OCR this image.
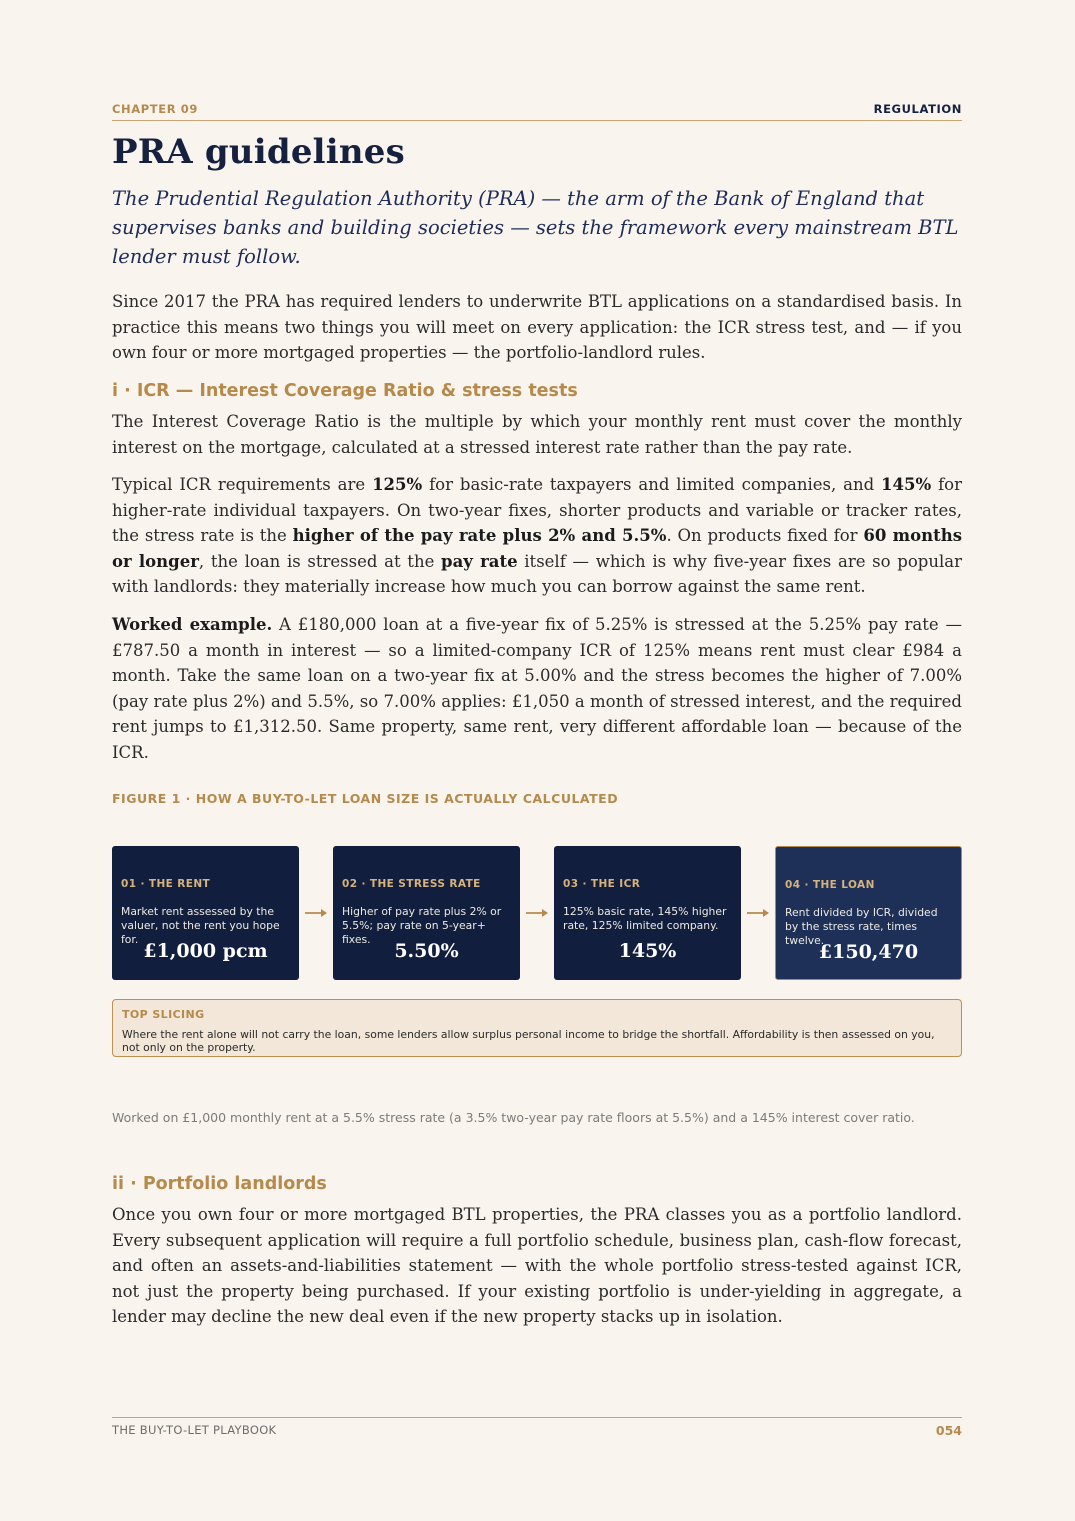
CHAPTER 09	REGULATION
PRA guidelines

The Prudential Regulation Authority (PRA) — the arm of the Bank of England that supervises banks and building societies — sets the framework every mainstream BTL lender must follow.

Since 2017 the PRA has required lenders to underwrite BTL applications on a standardised basis. In practice this means two things you will meet on every application: the ICR stress test, and — if you own four or more mortgaged properties — the portfolio-landlord rules.

i · ICR — Interest Coverage Ratio & stress tests

The Interest Coverage Ratio is the multiple by which your monthly rent must cover the monthly interest on the mortgage, calculated at a stressed interest rate rather than the pay rate.

Typical ICR requirements are 125% for basic-rate taxpayers and limited companies, and 145% for higher-rate individual taxpayers. On two-year fixes, shorter products and variable or tracker rates, the stress rate is the higher of the pay rate plus 2% and 5.5%. On products fixed for 60 months or longer, the loan is stressed at the pay rate itself — which is why five-year fixes are so popular with landlords: they materially increase how much you can borrow against the same rent.

Worked example. A £180,000 loan at a five-year fix of 5.25% is stressed at the 5.25% pay rate — £787.50 a month in interest — so a limited-company ICR of 125% means rent must clear £984 a month. Take the same loan on a two-year fix at 5.00% and the stress becomes the higher of 7.00% (pay rate plus 2%) and 5.5%, so 7.00% applies: £1,050 a month of stressed interest, and the required rent jumps to £1,312.50. Same property, same rent, very different affordable loan — because of the ICR.

FIGURE 1 · HOW A BUY-TO-LET LOAN SIZE IS ACTUALLY CALCULATED

01 · THE RENT
Market rent assessed by the valuer, not the rent you hope for.
£1,000 pcm
02 · THE STRESS RATE
Higher of pay rate plus 2% or 5.5%; pay rate on 5-year+ fixes.
5.50%
03 · THE ICR
125% basic rate, 145% higher rate, 125% limited company.
145%
04 · THE LOAN
Rent divided by ICR, divided by the stress rate, times twelve.
£150,470

TOP SLICING

Where the rent alone will not carry the loan, some lenders allow surplus personal income to bridge the shortfall. Affordability is then assessed on you, not only on the property.

Worked on £1,000 monthly rent at a 5.5% stress rate (a 3.5% two-year pay rate floors at 5.5%) and a 145% interest cover ratio.

ii · Portfolio landlords

Once you own four or more mortgaged BTL properties, the PRA classes you as a portfolio landlord. Every subsequent application will require a full portfolio schedule, business plan, cash-flow forecast, and often an assets-and-liabilities statement — with the whole portfolio stress-tested against ICR, not just the property being purchased. If your existing portfolio is under-yielding in aggregate, a lender may decline the new deal even if the new property stacks up in isolation.

THE BUY-TO-LET PLAYBOOK	054
